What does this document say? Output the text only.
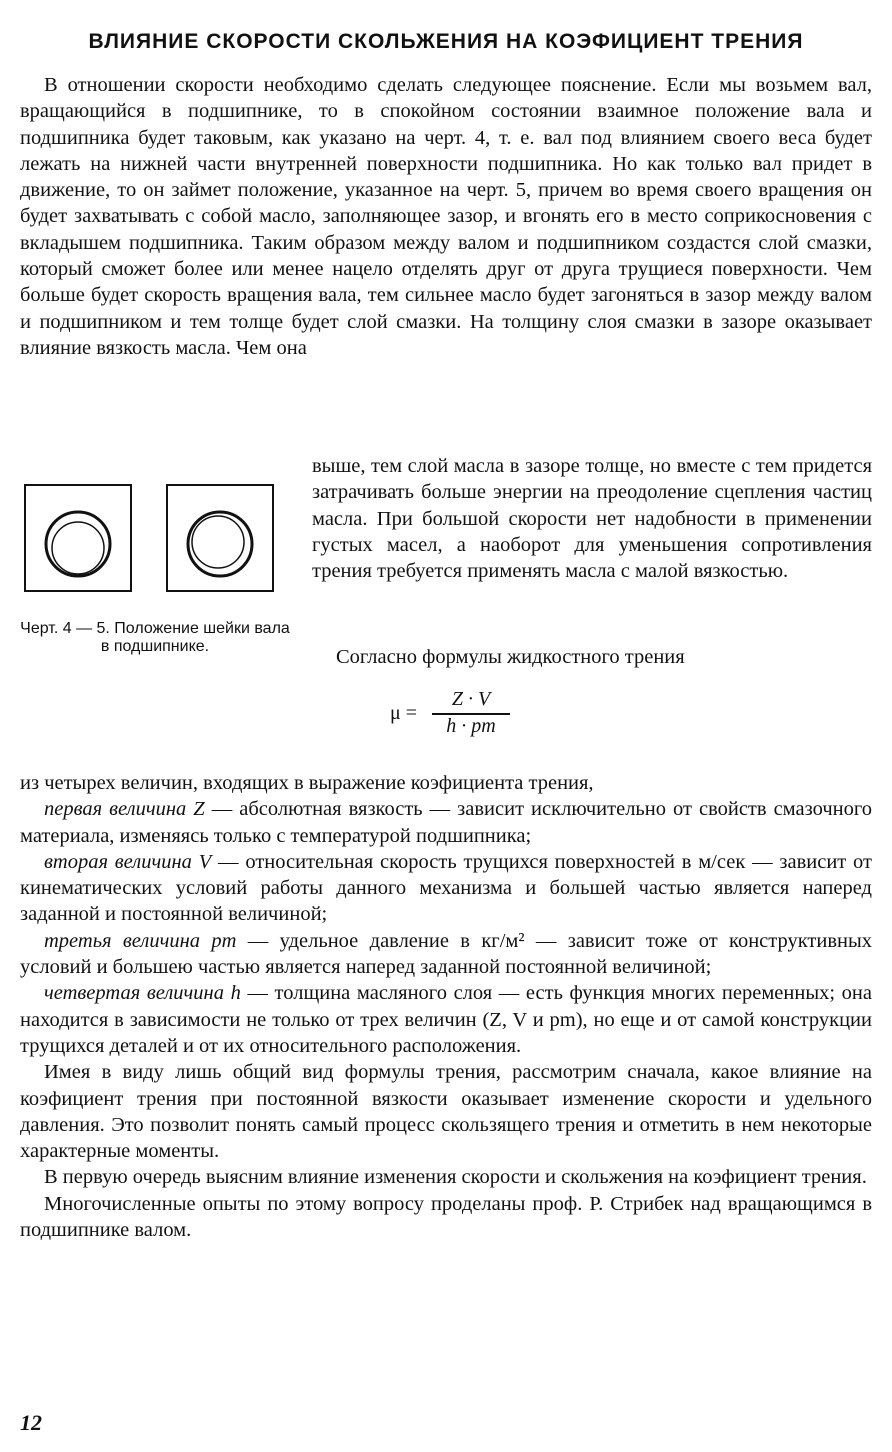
ВЛИЯНИЕ СКОРОСТИ СКОЛЬЖЕНИЯ НА КОЭФИЦИЕНТ ТРЕНИЯ
В отношении скорости необходимо сделать следующее пояснение. Если мы возьмем вал, вращающийся в подшипнике, то в спокойном состоянии взаимное положение вала и подшипника будет таковым, как указано на черт. 4, т. е. вал под влиянием своего веса будет лежать на нижней части внутренней поверхности подшипника. Но как только вал придет в движение, то он займет положение, указанное на черт. 5, причем во время своего вращения он будет захватывать с собой масло, заполняющее зазор, и вгонять его в место соприкосновения с вкладышем подшипника. Таким образом между валом и подшипником создастся слой смазки, который сможет более или менее нацело отделять друг от друга трущиеся поверхности. Чем больше будет скорость вращения вала, тем сильнее масло будет загоняться в зазор между валом и подшипником и тем толще будет слой смазки. На толщину слоя смазки в зазоре оказывает влияние вязкость масла. Чем она
выше, тем слой масла в зазоре толще, но вместе с тем придется затрачивать больше энергии на преодоление сцепления частиц масла. При большой скорости нет надобности в применении густых масел, а наоборот для уменьшения сопротивления трения требуется применять масла с малой вязкостью.
Черт. 4 — 5. Положение шейки вала в подшипнике.	Согласно формулы жидкостного трения
μ =
Z · V
h · pm

из четырех величин, входящих в выражение коэфициента трения,

первая величина Z — абсолютная вязкость — зависит исключительно от свойств смазочного материала, изменяясь только с температурой подшипника;

вторая величина V — относительная скорость трущихся поверхностей в м/сек — зависит от кинематических условий работы данного механизма и большей частью является наперед заданной и постоянной величиной;

третья величина pm — удельное давление в кг/м² — зависит тоже от конструктивных условий и большею частью является наперед заданной постоянной величиной;

четвертая величина h — толщина масляного слоя — есть функция многих переменных; она находится в зависимости не только от трех величин (Z, V и pm), но еще и от самой конструкции трущихся деталей и от их относительного расположения.

Имея в виду лишь общий вид формулы трения, рассмотрим сначала, какое влияние на коэфициент трения при постоянной вязкости оказывает изменение скорости и удельного давления. Это позволит понять самый процесс скользящего трения и отметить в нем некоторые характерные моменты.

В первую очередь выясним влияние изменения скорости и скольжения на коэфициент трения.

Многочисленные опыты по этому вопросу проделаны проф. Р. Стрибек над вращающимся в подшипнике валом.

12
